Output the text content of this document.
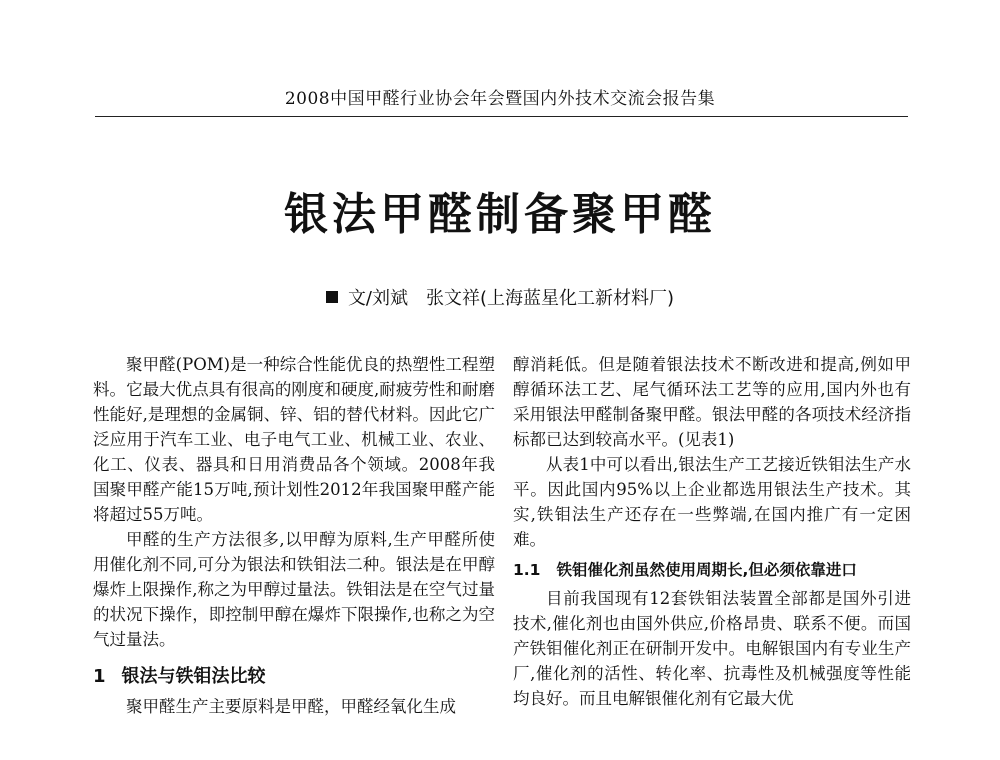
2008中国甲醛行业协会年会暨国内外技术交流会报告集
银法甲醛制备聚甲醛
文/刘斌　张文祥(上海蓝星化工新材料厂)

聚甲醛(POM)是一种综合性能优良的热塑性工程塑料。它最大优点具有很高的刚度和硬度,耐疲劳性和耐磨性能好,是理想的金属铜、锌、铝的替代材料。因此它广泛应用于汽车工业、电子电气工业、机械工业、农业、化工、仪表、器具和日用消费品各个领域。2008年我国聚甲醛产能15万吨,预计划性2012年我国聚甲醛产能将超过55万吨。

甲醛的生产方法很多,以甲醇为原料,生产甲醛所使用催化剂不同,可分为银法和铁钼法二种。银法是在甲醇爆炸上限操作,称之为甲醇过量法。铁钼法是在空气过量的状况下操作，即控制甲醇在爆炸下限操作,也称之为空气过量法。

1 银法与铁钼法比较

聚甲醛生产主要原料是甲醛，甲醛经氧化生成

醇消耗低。但是随着银法技术不断改进和提高,例如甲醇循环法工艺、尾气循环法工艺等的应用,国内外也有采用银法甲醛制备聚甲醛。银法甲醛的各项技术经济指标都已达到较高水平。(见表1)

从表1中可以看出,银法生产工艺接近铁钼法生产水平。因此国内95%以上企业都选用银法生产技术。其实,铁钼法生产还存在一些弊端,在国内推广有一定困难。

1.1 铁钼催化剂虽然使用周期长,但必须依靠进口

目前我国现有12套铁钼法装置全部都是国外引进技术,催化剂也由国外供应,价格昂贵、联系不便。而国产铁钼催化剂正在研制开发中。电解银国内有专业生产厂,催化剂的活性、转化率、抗毒性及机械强度等性能均良好。而且电解银催化剂有它最大优
